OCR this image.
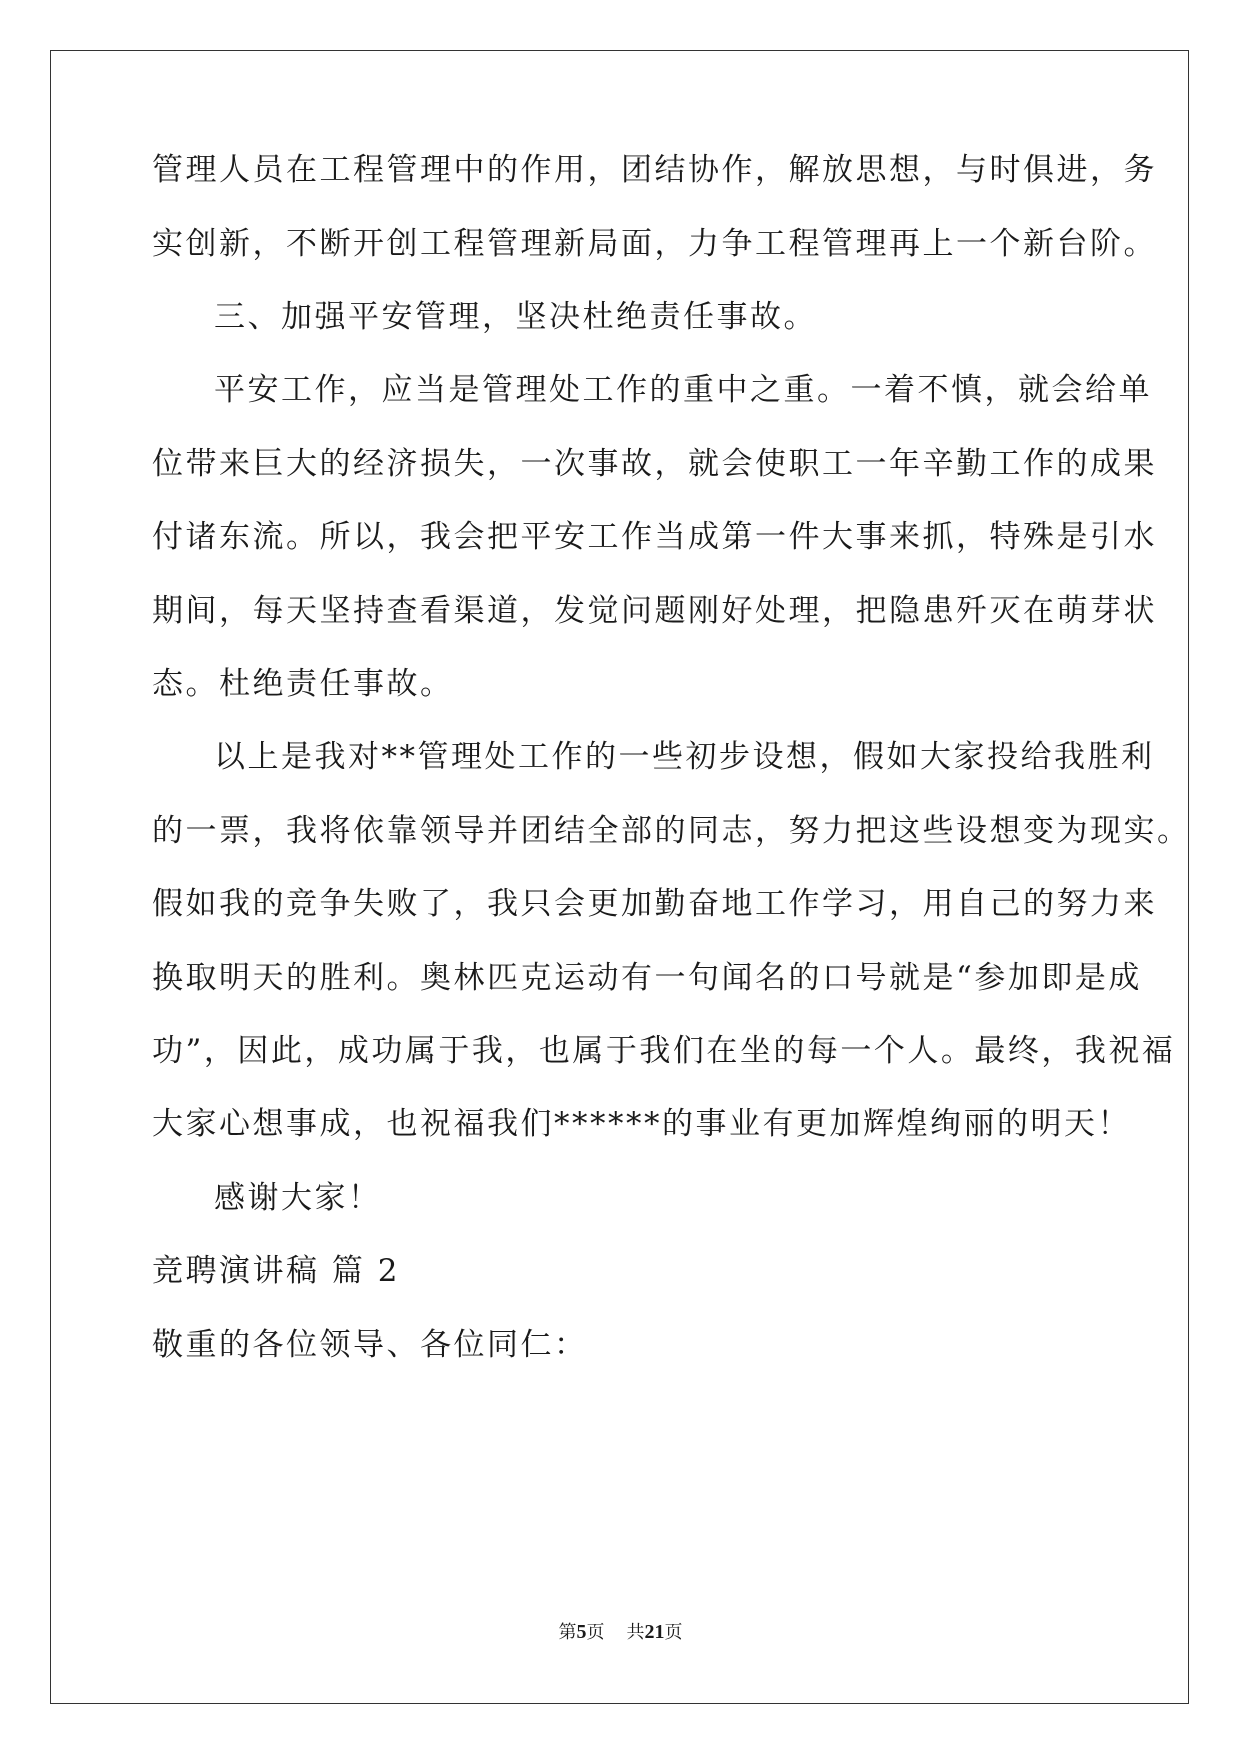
管理人员在工程管理中的作用，团结协作，解放思想，与时俱进，务
实创新，不断开创工程管理新局面，力争工程管理再上一个新台阶。
三、加强平安管理，坚决杜绝责任事故。
平安工作，应当是管理处工作的重中之重。一着不慎，就会给单
位带来巨大的经济损失，一次事故，就会使职工一年辛勤工作的成果
付诸东流。所以，我会把平安工作当成第一件大事来抓，特殊是引水
期间，每天坚持查看渠道，发觉问题刚好处理，把隐患歼灭在萌芽状
态。杜绝责任事故。
以上是我对**管理处工作的一些初步设想，假如大家投给我胜利
的一票，我将依靠领导并团结全部的同志，努力把这些设想变为现实。
假如我的竞争失败了，我只会更加勤奋地工作学习，用自己的努力来
换取明天的胜利。奥林匹克运动有一句闻名的口号就是“参加即是成
功”，因此，成功属于我，也属于我们在坐的每一个人。最终，我祝福
大家心想事成，也祝福我们******的事业有更加辉煌绚丽的明天！
感谢大家！
竞聘演讲稿 篇 2
敬重的各位领导、各位同仁：
第5页 共21页
